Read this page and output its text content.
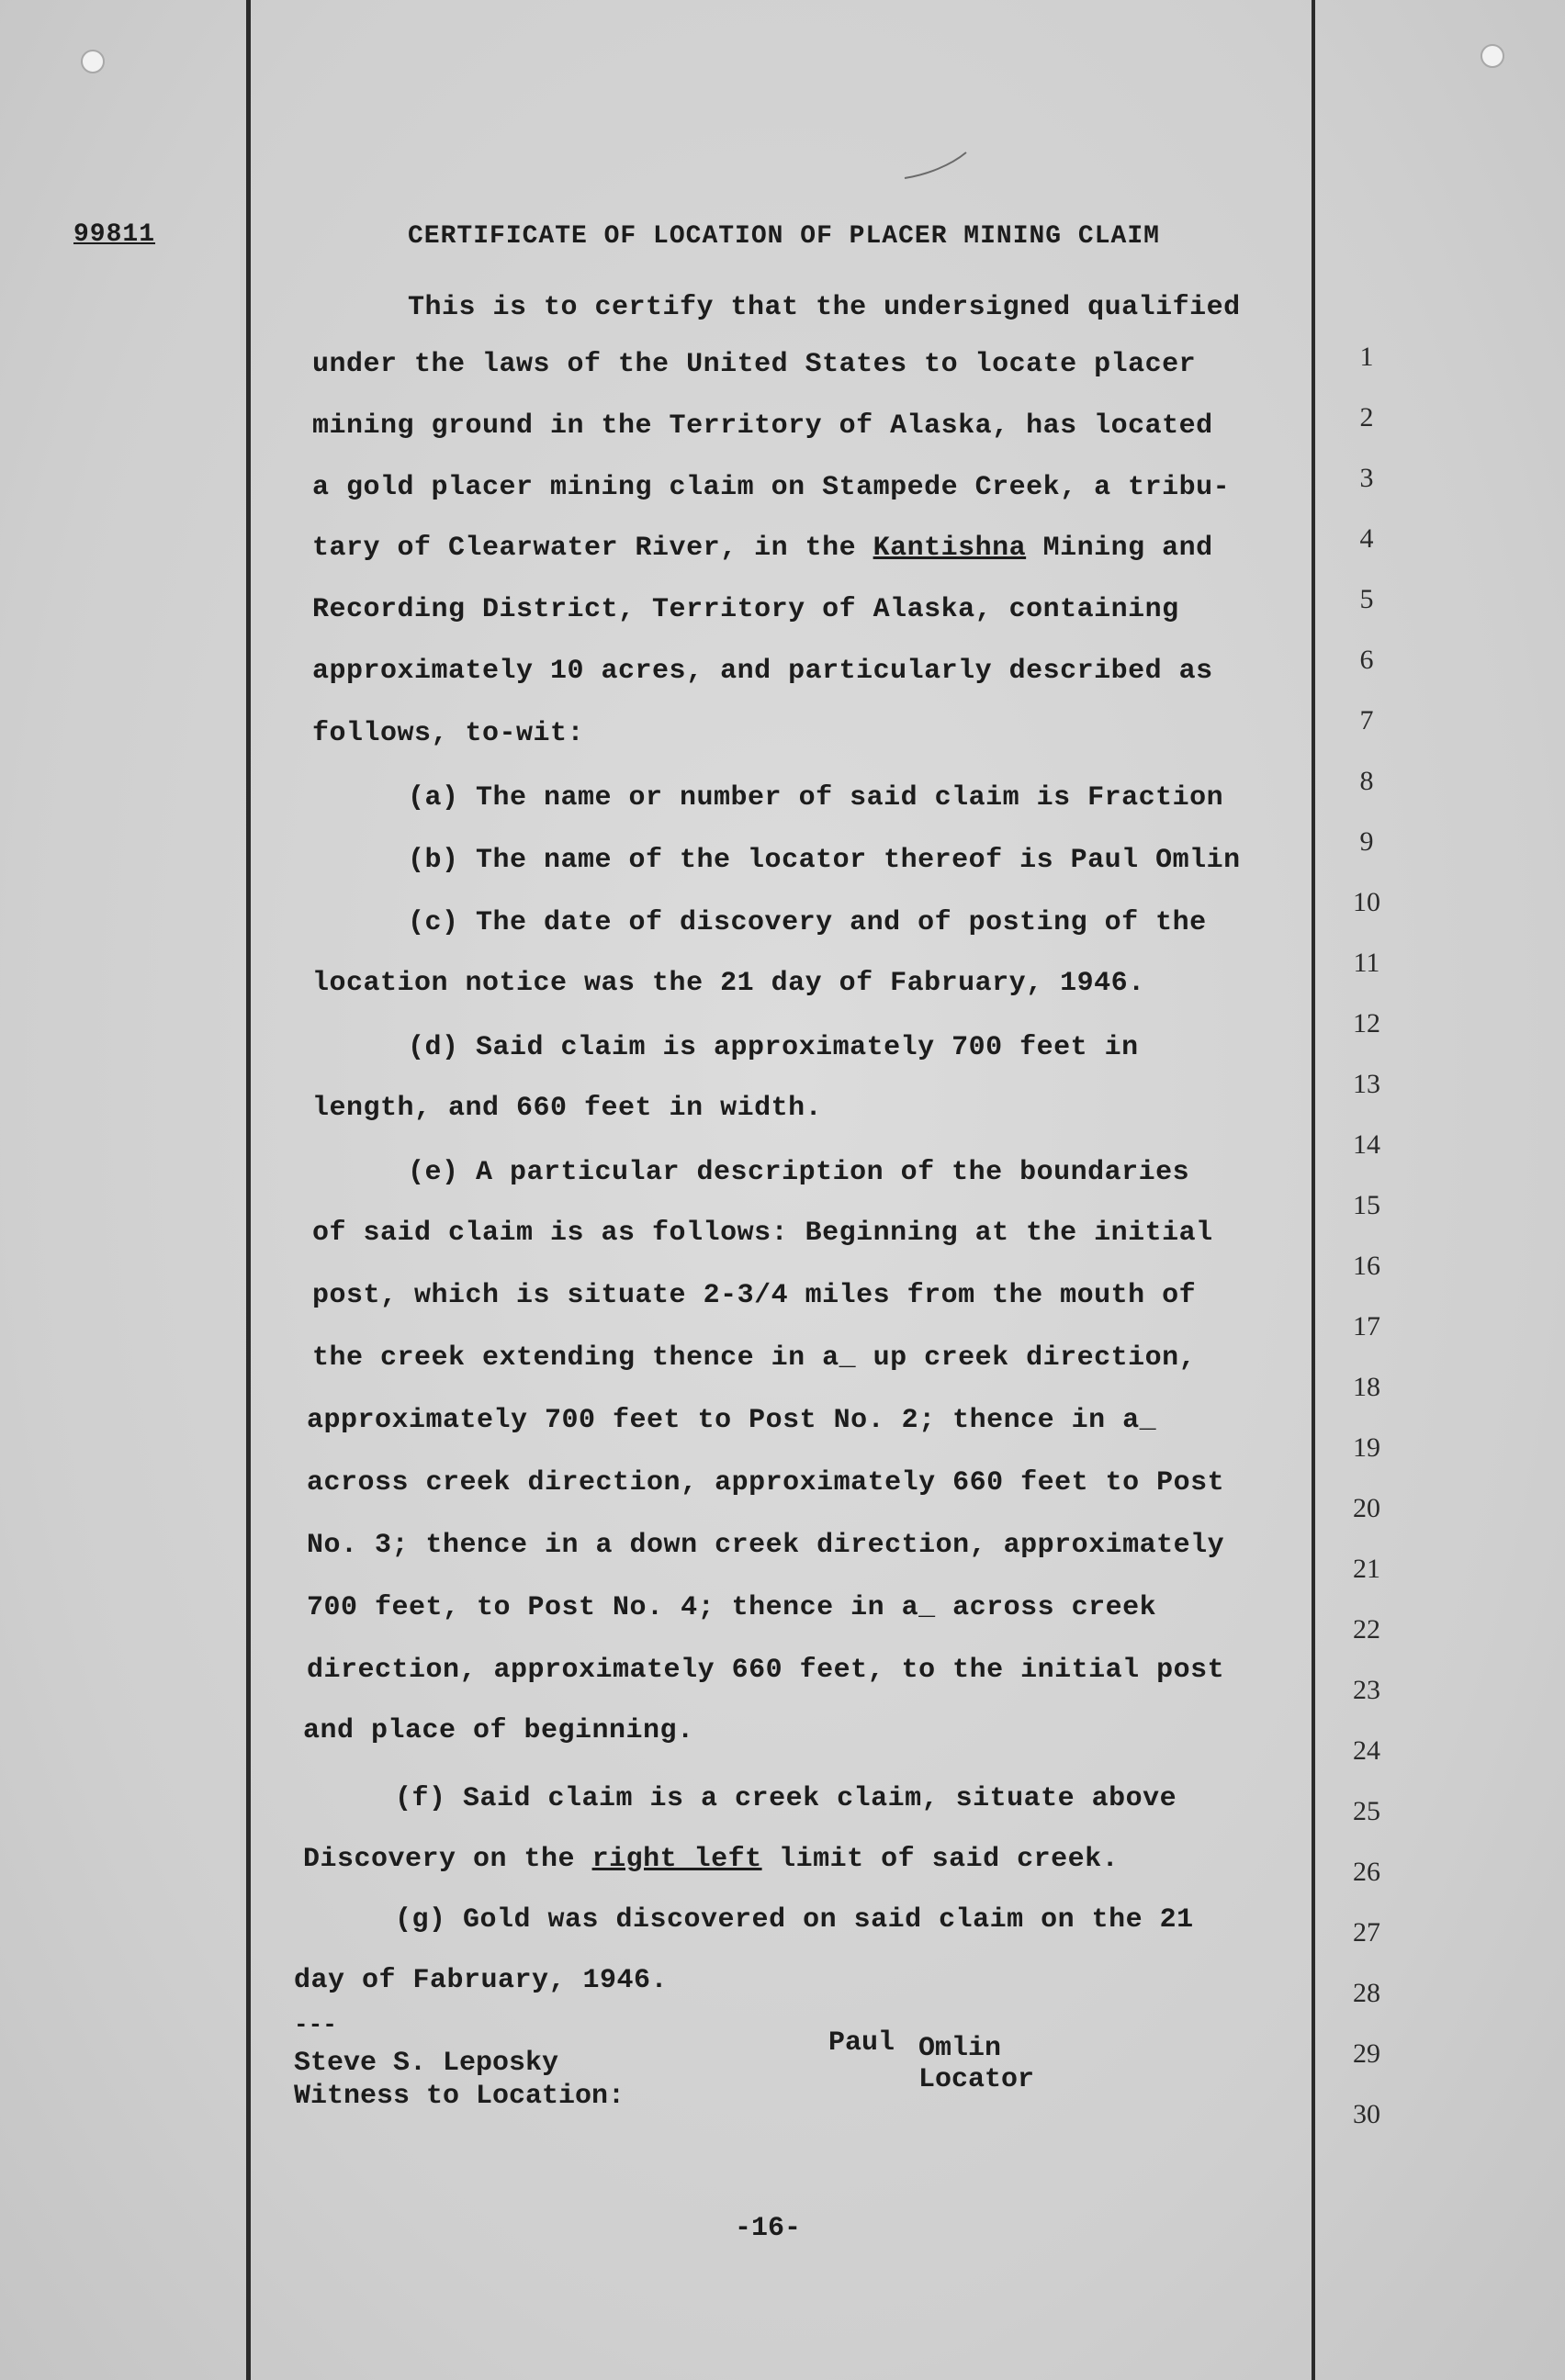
99811	CERTIFICATE OF LOCATION OF PLACER MINING CLAIM
This is to certify that the undersigned qualified
under the laws of the United States to locate placer
mining ground in the Territory of Alaska, has located
a gold placer mining claim on Stampede Creek, a tribu-
tary of Clearwater River, in the Kantishna Mining and
Recording District, Territory of Alaska, containing
approximately 10 acres, and particularly described as
follows, to-wit:
(a) The name or number of said claim is Fraction
(b) The name of the locator thereof is Paul Omlin
(c) The date of discovery and of posting of the
location notice was the 21 day of Fabruary, 1946.
(d) Said claim is approximately 700 feet in
length, and 660 feet in width.
(e) A particular description of the boundaries
of said claim is as follows: Beginning at the initial
post, which is situate 2-3/4 miles from the mouth of
the creek extending thence in a_ up creek direction,
approximately 700 feet to Post No. 2; thence in a_
across creek direction, approximately 660 feet to Post
No. 3; thence in a down creek direction, approximately
700 feet, to Post No. 4; thence in a_ across creek
direction, approximately 660 feet, to the initial post
and place of beginning.
(f) Said claim is a creek claim, situate above
Discovery on the right left limit of said creek.
(g) Gold was discovered on said claim on the 21
day of Fabruary, 1946.
1
2
3
4
5
6
7
8
9
10
11
12
13
14
15
16
17
18
19
20
21
22
23
24
25
26
27
28
29
30
---
Steve S. Leposky
Witness to Location:
Paul Omlin
Locator
-16-
